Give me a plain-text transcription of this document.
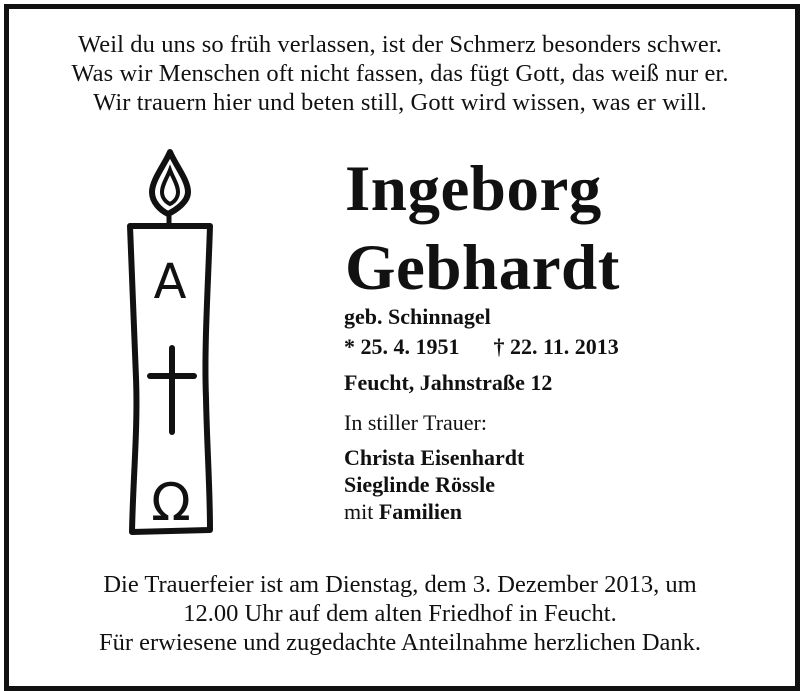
Weil du uns so früh verlassen, ist der Schmerz besonders schwer.
Was wir Menschen oft nicht fassen, das fügt Gott, das weiß nur er.
Wir trauern hier und beten still, Gott wird wissen, was er will.
A
Ω
Ingeborg
Gebhardt
geb. Schinnagel
* 25. 4. 1951 † 22. 11. 2013
Feucht, Jahnstraße 12
In stiller Trauer:
Christa Eisenhardt
Sieglinde Rössle
mit Familien
Die Trauerfeier ist am Dienstag, dem 3. Dezember 2013, um
12.00 Uhr auf dem alten Friedhof in Feucht.
Für erwiesene und zugedachte Anteilnahme herzlichen Dank.
